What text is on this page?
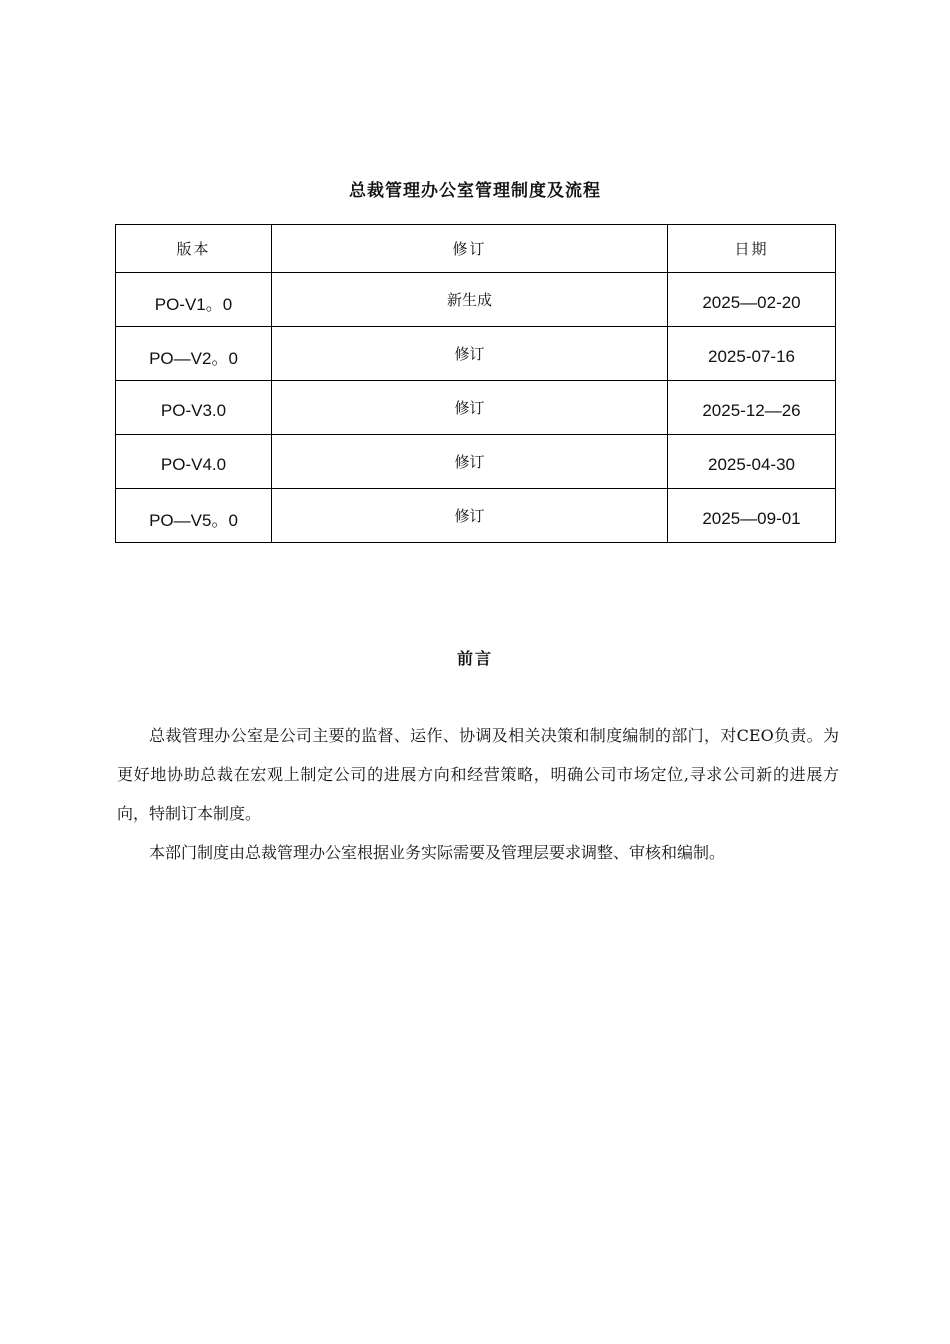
总裁管理办公室管理制度及流程
版本	修订	日期
PO-V1。0	新生成	2025—02-20
PO—V2。0	修订	2025-07-16
PO-V3.0	修订	2025-12—26
PO-V4.0	修订	2025-04-30
PO—V5。0	修订	2025—09-01
前言

总裁管理办公室是公司主要的监督、运作、协调及相关决策和制度编制的部门，对CEO负责。为更好地协助总裁在宏观上制定公司的进展方向和经营策略，明确公司市场定位,寻求公司新的进展方向，特制订本制度。

本部门制度由总裁管理办公室根据业务实际需要及管理层要求调整、审核和编制。
